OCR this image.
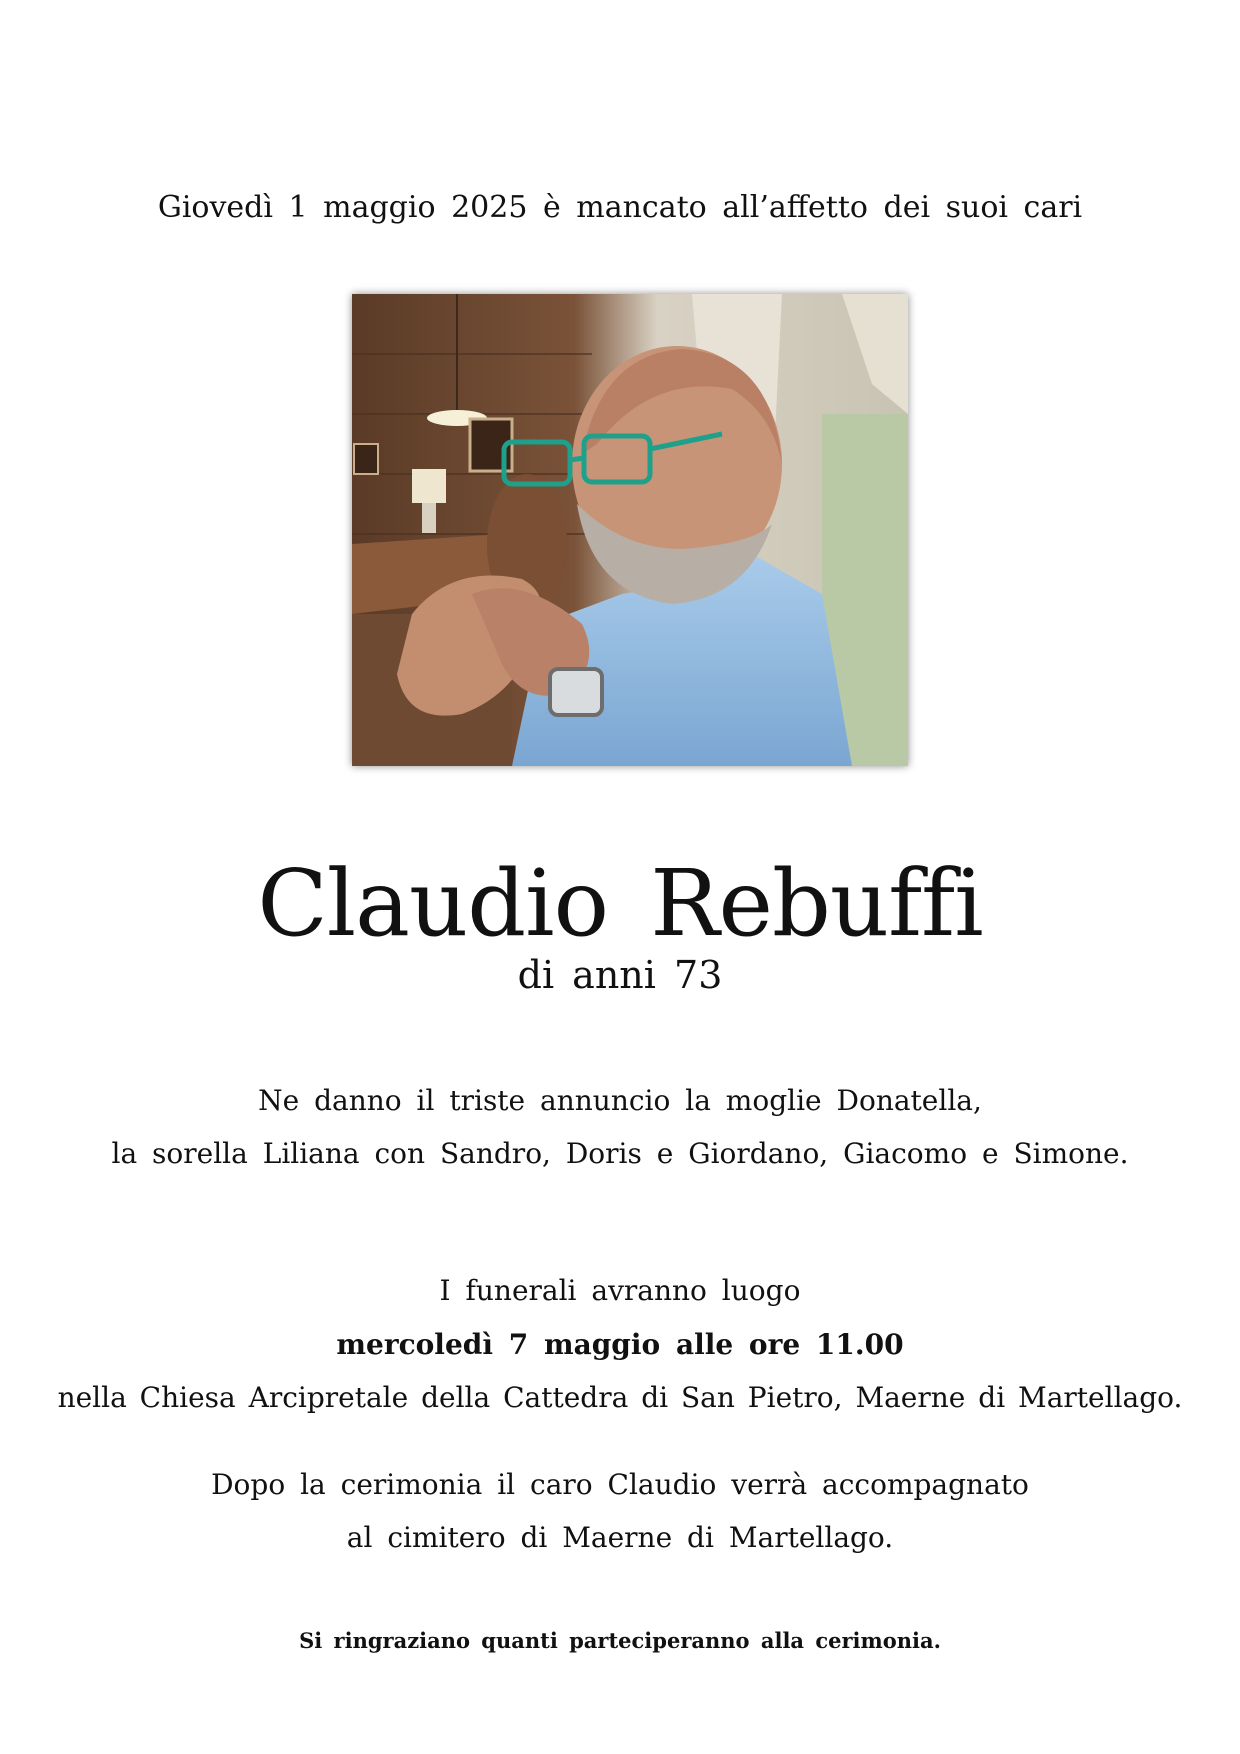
Giovedì 1 maggio 2025 è mancato all’affetto dei suoi cari
Claudio Rebuffi
di anni 73
Ne danno il triste annuncio la moglie Donatella,
la sorella Liliana con Sandro, Doris e Giordano, Giacomo e Simone.
I funerali avranno luogo
mercoledì 7 maggio alle ore 11.00
nella Chiesa Arcipretale della Cattedra di San Pietro, Maerne di Martellago.
Dopo la cerimonia il caro Claudio verrà accompagnato
al cimitero di Maerne di Martellago.
Si ringraziano quanti parteciperanno alla cerimonia.
